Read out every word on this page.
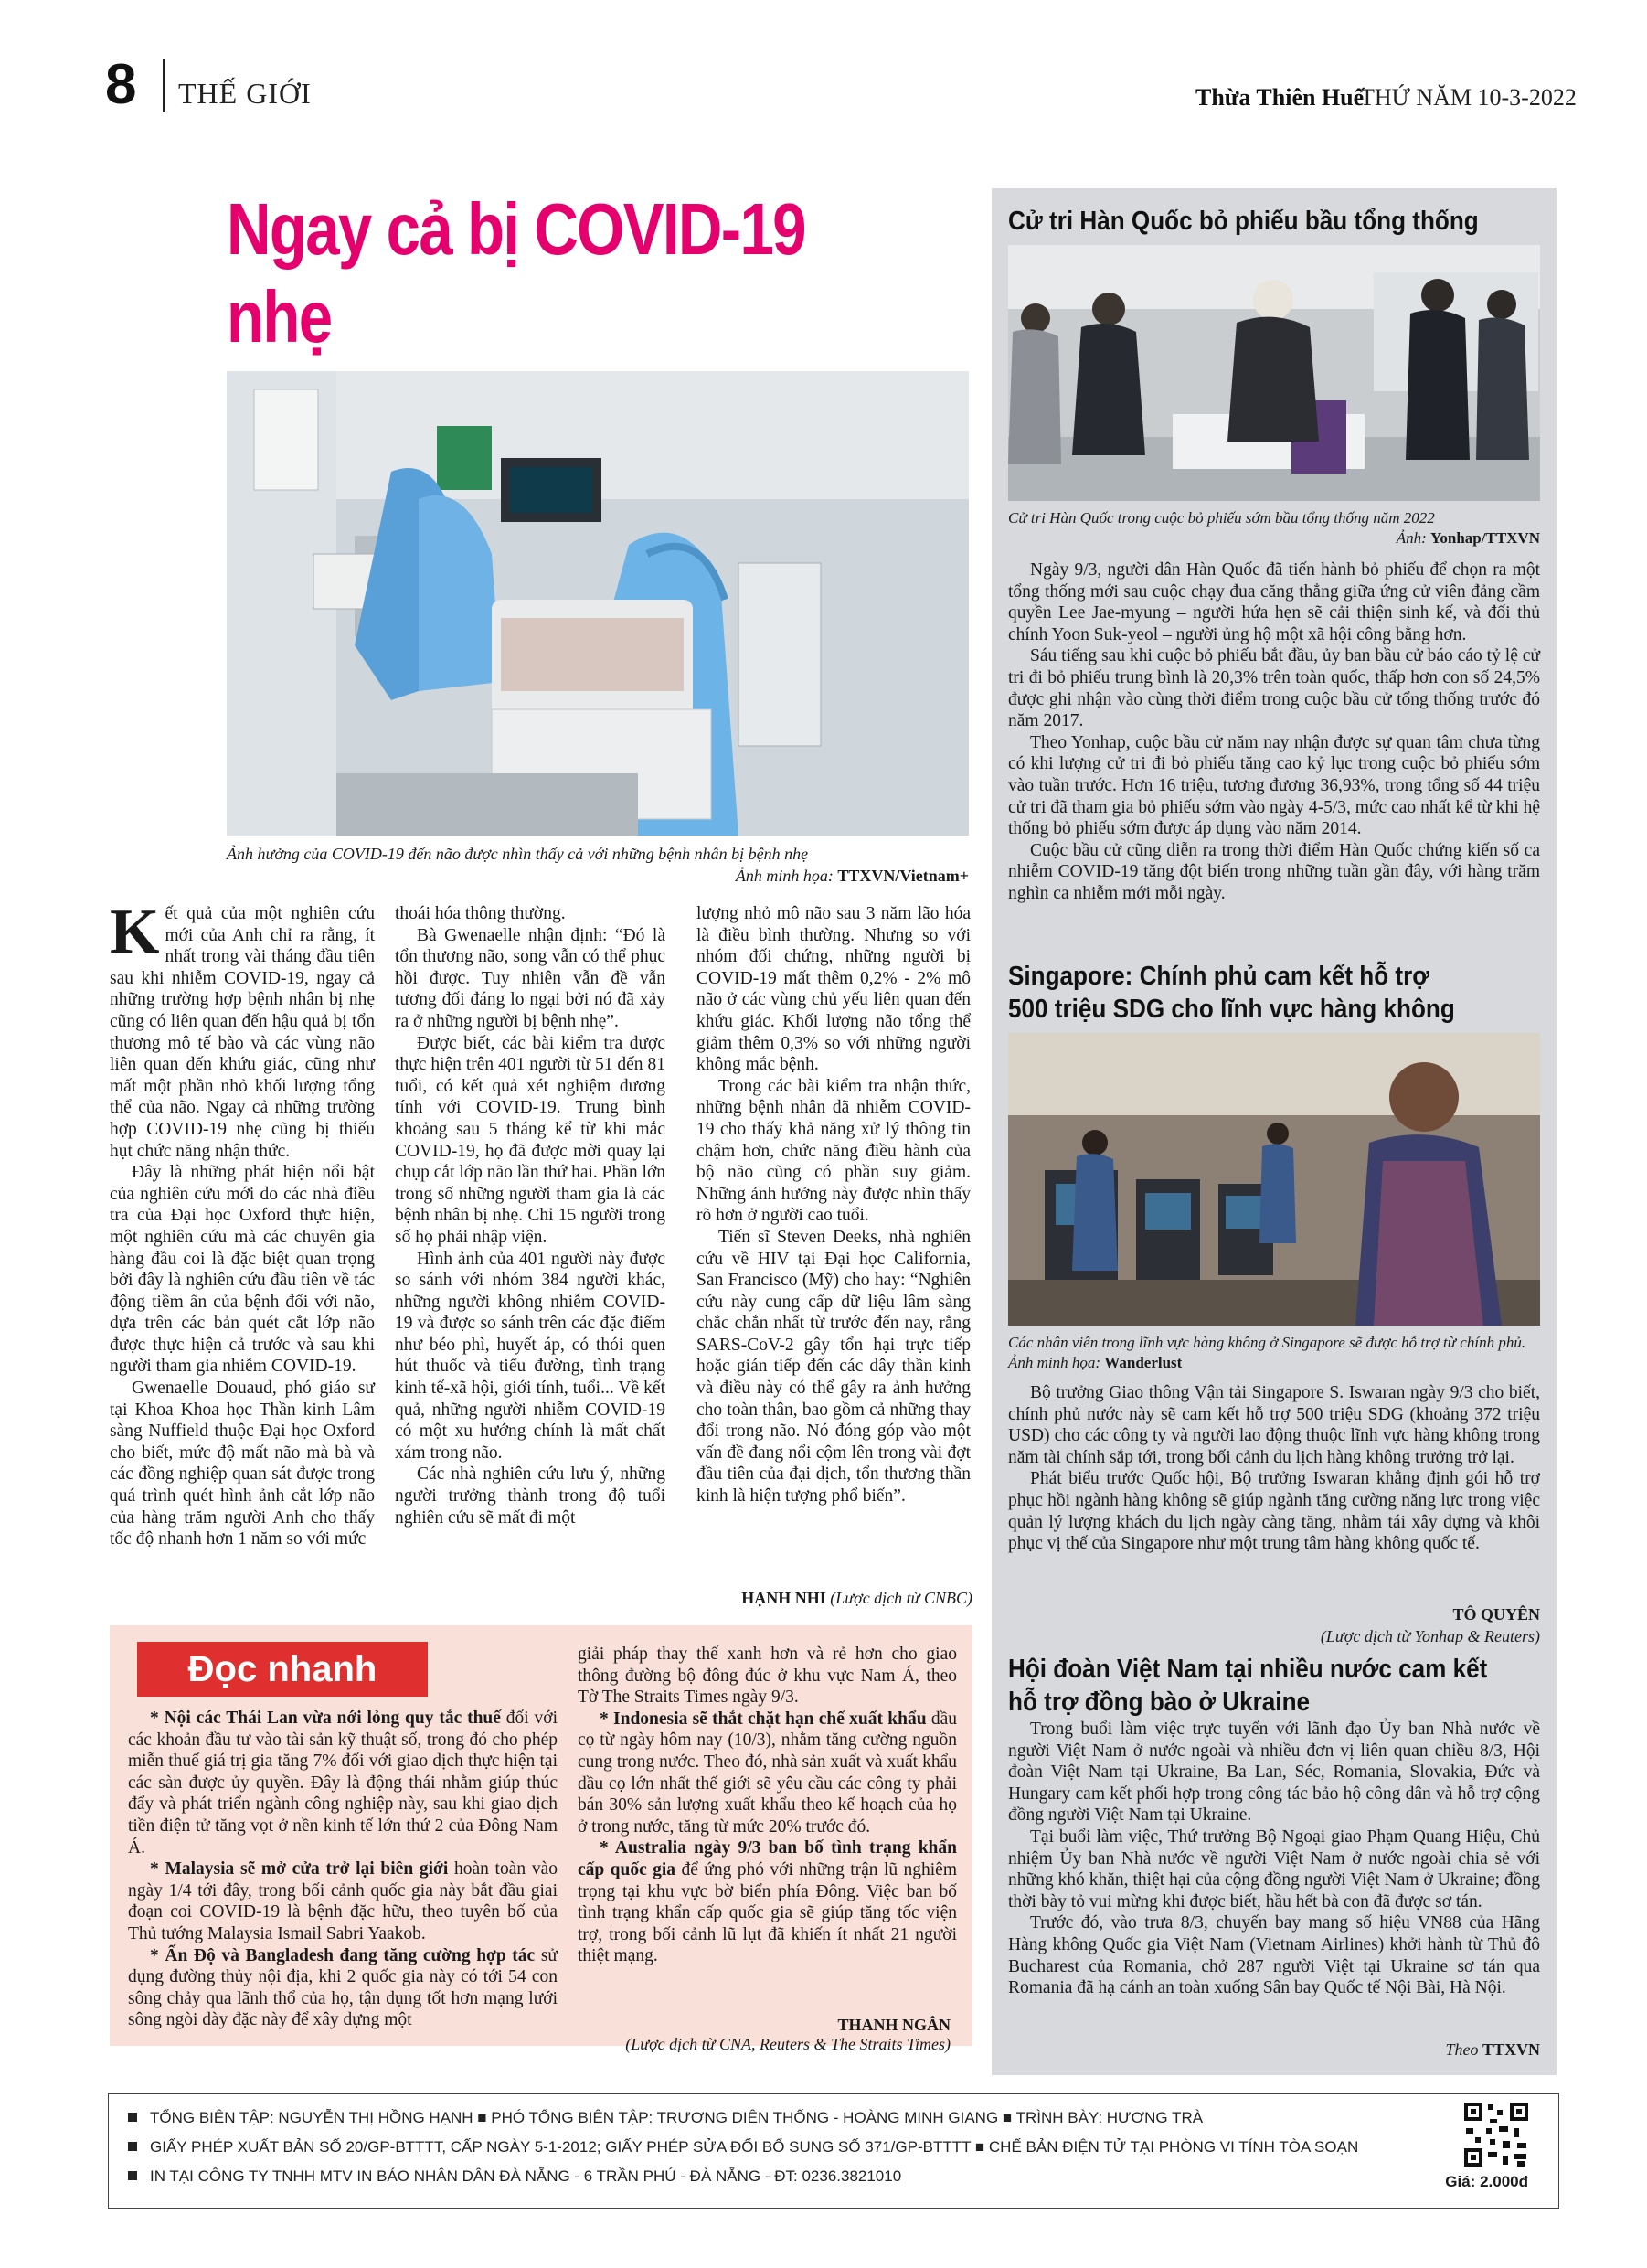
8 THẾ GIỚI	Thừa Thiên Huế
THỨ NĂM 10-3-2022
Ngay cả bị COVID-19 nhẹ
Ảnh hưởng của COVID-19 đến não được nhìn thấy cả với những bệnh nhân bị bệnh nhẹ
Ảnh minh họa: TTXVN/Vietnam+
K ết quả của một nghiên cứu mới của Anh chỉ ra rằng, ít nhất trong vài tháng đầu tiên sau khi nhiễm COVID-19, ngay cả những trường hợp bệnh nhân bị nhẹ cũng có liên quan đến hậu quả bị tổn thương mô tế bào và các vùng não liên quan đến khứu giác, cũng như mất một phần nhỏ khối lượng tổng thể của não. Ngay cả những trường hợp COVID-19 nhẹ cũng bị thiếu hụt chức năng nhận thức.

Đây là những phát hiện nổi bật của nghiên cứu mới do các nhà điều tra của Đại học Oxford thực hiện, một nghiên cứu mà các chuyên gia hàng đầu coi là đặc biệt quan trọng bởi đây là nghiên cứu đầu tiên về tác động tiềm ẩn của bệnh đối với não, dựa trên các bản quét cắt lớp não được thực hiện cả trước và sau khi người tham gia nhiễm COVID-19.

Gwenaelle Douaud, phó giáo sư tại Khoa Khoa học Thần kinh Lâm sàng Nuffield thuộc Đại học Oxford cho biết, mức độ mất não mà bà và các đồng nghiệp quan sát được trong quá trình quét hình ảnh cắt lớp não của hàng trăm người Anh cho thấy tốc độ nhanh hơn 1 năm so với mức

thoái hóa thông thường.

Bà Gwenaelle nhận định: “Đó là tổn thương não, song vẫn có thể phục hồi được. Tuy nhiên vẫn đề vẫn tương đối đáng lo ngại bởi nó đã xảy ra ở những người bị bệnh nhẹ”.

Được biết, các bài kiểm tra được thực hiện trên 401 người từ 51 đến 81 tuổi, có kết quả xét nghiệm dương tính với COVID-19. Trung bình khoảng sau 5 tháng kể từ khi mắc COVID-19, họ đã được mời quay lại chụp cắt lớp não lần thứ hai. Phần lớn trong số những người tham gia là các bệnh nhân bị nhẹ. Chỉ 15 người trong số họ phải nhập viện.

Hình ảnh của 401 người này được so sánh với nhóm 384 người khác, những người không nhiễm COVID-19 và được so sánh trên các đặc điểm như béo phì, huyết áp, có thói quen hút thuốc và tiểu đường, tình trạng kinh tế-xã hội, giới tính, tuổi... Về kết quả, những người nhiễm COVID-19 có một xu hướng chính là mất chất xám trong não.

Các nhà nghiên cứu lưu ý, những người trưởng thành trong độ tuổi nghiên cứu sẽ mất đi một

lượng nhỏ mô não sau 3 năm lão hóa là điều bình thường. Nhưng so với nhóm đối chứng, những người bị COVID-19 mất thêm 0,2% - 2% mô não ở các vùng chủ yếu liên quan đến khứu giác. Khối lượng não tổng thể giảm thêm 0,3% so với những người không mắc bệnh.

Trong các bài kiểm tra nhận thức, những bệnh nhân đã nhiễm COVID-19 cho thấy khả năng xử lý thông tin chậm hơn, chức năng điều hành của bộ não cũng có phần suy giảm. Những ảnh hưởng này được nhìn thấy rõ hơn ở người cao tuổi.

Tiến sĩ Steven Deeks, nhà nghiên cứu về HIV tại Đại học California, San Francisco (Mỹ) cho hay: “Nghiên cứu này cung cấp dữ liệu lâm sàng chắc chắn nhất từ trước đến nay, rằng SARS-CoV-2 gây tổn hại trực tiếp hoặc gián tiếp đến các dây thần kinh và điều này có thể gây ra ảnh hưởng cho toàn thân, bao gồm cả những thay đổi trong não. Nó đóng góp vào một vấn đề đang nổi cộm lên trong vài đợt đầu tiên của đại dịch, tổn thương thần kinh là hiện tượng phổ biến”.

HẠNH NHI (Lược dịch từ CNBC)
Đọc nhanh

* Nội các Thái Lan vừa nới lỏng quy tắc thuế đối với các khoản đầu tư vào tài sản kỹ thuật số, trong đó cho phép miễn thuế giá trị gia tăng 7% đối với giao dịch thực hiện tại các sàn được ủy quyền. Đây là động thái nhằm giúp thúc đẩy và phát triển ngành công nghiệp này, sau khi giao dịch tiền điện tử tăng vọt ở nền kinh tế lớn thứ 2 của Đông Nam Á.

* Malaysia sẽ mở cửa trở lại biên giới hoàn toàn vào ngày 1/4 tới đây, trong bối cảnh quốc gia này bắt đầu giai đoạn coi COVID-19 là bệnh đặc hữu, theo tuyên bố của Thủ tướng Malaysia Ismail Sabri Yaakob.

* Ấn Độ và Bangladesh đang tăng cường hợp tác sử dụng đường thủy nội địa, khi 2 quốc gia này có tới 54 con sông chảy qua lãnh thổ của họ, tận dụng tốt hơn mạng lưới sông ngòi dày đặc này để xây dựng một

giải pháp thay thế xanh hơn và rẻ hơn cho giao thông đường bộ đông đúc ở khu vực Nam Á, theo Tờ The Straits Times ngày 9/3.

* Indonesia sẽ thắt chặt hạn chế xuất khẩu dầu cọ từ ngày hôm nay (10/3), nhằm tăng cường nguồn cung trong nước. Theo đó, nhà sản xuất và xuất khẩu dầu cọ lớn nhất thế giới sẽ yêu cầu các công ty phải bán 30% sản lượng xuất khẩu theo kế hoạch của họ ở trong nước, tăng từ mức 20% trước đó.

* Australia ngày 9/3 ban bố tình trạng khẩn cấp quốc gia để ứng phó với những trận lũ nghiêm trọng tại khu vực bờ biển phía Đông. Việc ban bố tình trạng khẩn cấp quốc gia sẽ giúp tăng tốc viện trợ, trong bối cảnh lũ lụt đã khiến ít nhất 21 người thiệt mạng.

THANH NGÂN
(Lược dịch từ CNA, Reuters & The Straits Times)
Cử tri Hàn Quốc bỏ phiếu bầu tổng thống
Cử tri Hàn Quốc trong cuộc bỏ phiếu sớm bầu tổng thống năm 2022
Ảnh: Yonhap/TTXVN

Ngày 9/3, người dân Hàn Quốc đã tiến hành bỏ phiếu để chọn ra một tổng thống mới sau cuộc chạy đua căng thẳng giữa ứng cử viên đảng cầm quyền Lee Jae-myung – người hứa hẹn sẽ cải thiện sinh kế, và đối thủ chính Yoon Suk-yeol – người ủng hộ một xã hội công bằng hơn.

Sáu tiếng sau khi cuộc bỏ phiếu bắt đầu, ủy ban bầu cử báo cáo tỷ lệ cử tri đi bỏ phiếu trung bình là 20,3% trên toàn quốc, thấp hơn con số 24,5% được ghi nhận vào cùng thời điểm trong cuộc bầu cử tổng thống trước đó năm 2017.

Theo Yonhap, cuộc bầu cử năm nay nhận được sự quan tâm chưa từng có khi lượng cử tri đi bỏ phiếu tăng cao kỷ lục trong cuộc bỏ phiếu sớm vào tuần trước. Hơn 16 triệu, tương đương 36,93%, trong tổng số 44 triệu cử tri đã tham gia bỏ phiếu sớm vào ngày 4-5/3, mức cao nhất kể từ khi hệ thống bỏ phiếu sớm được áp dụng vào năm 2014.

Cuộc bầu cử cũng diễn ra trong thời điểm Hàn Quốc chứng kiến số ca nhiễm COVID-19 tăng đột biến trong những tuần gần đây, với hàng trăm nghìn ca nhiễm mới mỗi ngày.

Singapore: Chính phủ cam kết hỗ trợ
500 triệu SDG cho lĩnh vực hàng không
Các nhân viên trong lĩnh vực hàng không ở Singapore sẽ được hỗ trợ từ chính phủ. Ảnh minh họa: Wanderlust

Bộ trưởng Giao thông Vận tải Singapore S. Iswaran ngày 9/3 cho biết, chính phủ nước này sẽ cam kết hỗ trợ 500 triệu SDG (khoảng 372 triệu USD) cho các công ty và người lao động thuộc lĩnh vực hàng không trong năm tài chính sắp tới, trong bối cảnh du lịch hàng không trưởng trở lại.

Phát biểu trước Quốc hội, Bộ trưởng Iswaran khẳng định gói hỗ trợ phục hồi ngành hàng không sẽ giúp ngành tăng cường năng lực trong việc quản lý lượng khách du lịch ngày càng tăng, nhằm tái xây dựng và khôi phục vị thế của Singapore như một trung tâm hàng không quốc tế.

TÔ QUYÊN
(Lược dịch từ Yonhap & Reuters)
Hội đoàn Việt Nam tại nhiều nước cam kết
hỗ trợ đồng bào ở Ukraine

Trong buổi làm việc trực tuyến với lãnh đạo Ủy ban Nhà nước về người Việt Nam ở nước ngoài và nhiều đơn vị liên quan chiều 8/3, Hội đoàn Việt Nam tại Ukraine, Ba Lan, Séc, Romania, Slovakia, Đức và Hungary cam kết phối hợp trong công tác bảo hộ công dân và hỗ trợ cộng đồng người Việt Nam tại Ukraine.

Tại buổi làm việc, Thứ trưởng Bộ Ngoại giao Phạm Quang Hiệu, Chủ nhiệm Ủy ban Nhà nước về người Việt Nam ở nước ngoài chia sẻ với những khó khăn, thiệt hại của cộng đồng người Việt Nam ở Ukraine; đồng thời bày tỏ vui mừng khi được biết, hầu hết bà con đã được sơ tán.

Trước đó, vào trưa 8/3, chuyến bay mang số hiệu VN88 của Hãng Hàng không Quốc gia Việt Nam (Vietnam Airlines) khởi hành từ Thủ đô Bucharest của Romania, chở 287 người Việt tại Ukraine sơ tán qua Romania đã hạ cánh an toàn xuống Sân bay Quốc tế Nội Bài, Hà Nội.

Theo TTXVN
TỔNG BIÊN TẬP: NGUYỄN THỊ HỒNG HẠNH ■ PHÓ TỔNG BIÊN TẬP: TRƯƠNG DIÊN THỐNG - HOÀNG MINH GIANG ■ TRÌNH BÀY: HƯƠNG TRÀ
GIẤY PHÉP XUẤT BẢN SỐ 20/GP-BTTTT, CẤP NGÀY 5-1-2012; GIẤY PHÉP SỬA ĐỔI BỔ SUNG SỐ 371/GP-BTTTT ■ CHẾ BẢN ĐIỆN TỬ TẠI PHÒNG VI TÍNH TÒA SOẠN
IN TẠI CÔNG TY TNHH MTV IN BÁO NHÂN DÂN ĐÀ NẴNG - 6 TRẦN PHÚ - ĐÀ NẴNG - ĐT: 0236.3821010	Giá: 2.000đ
